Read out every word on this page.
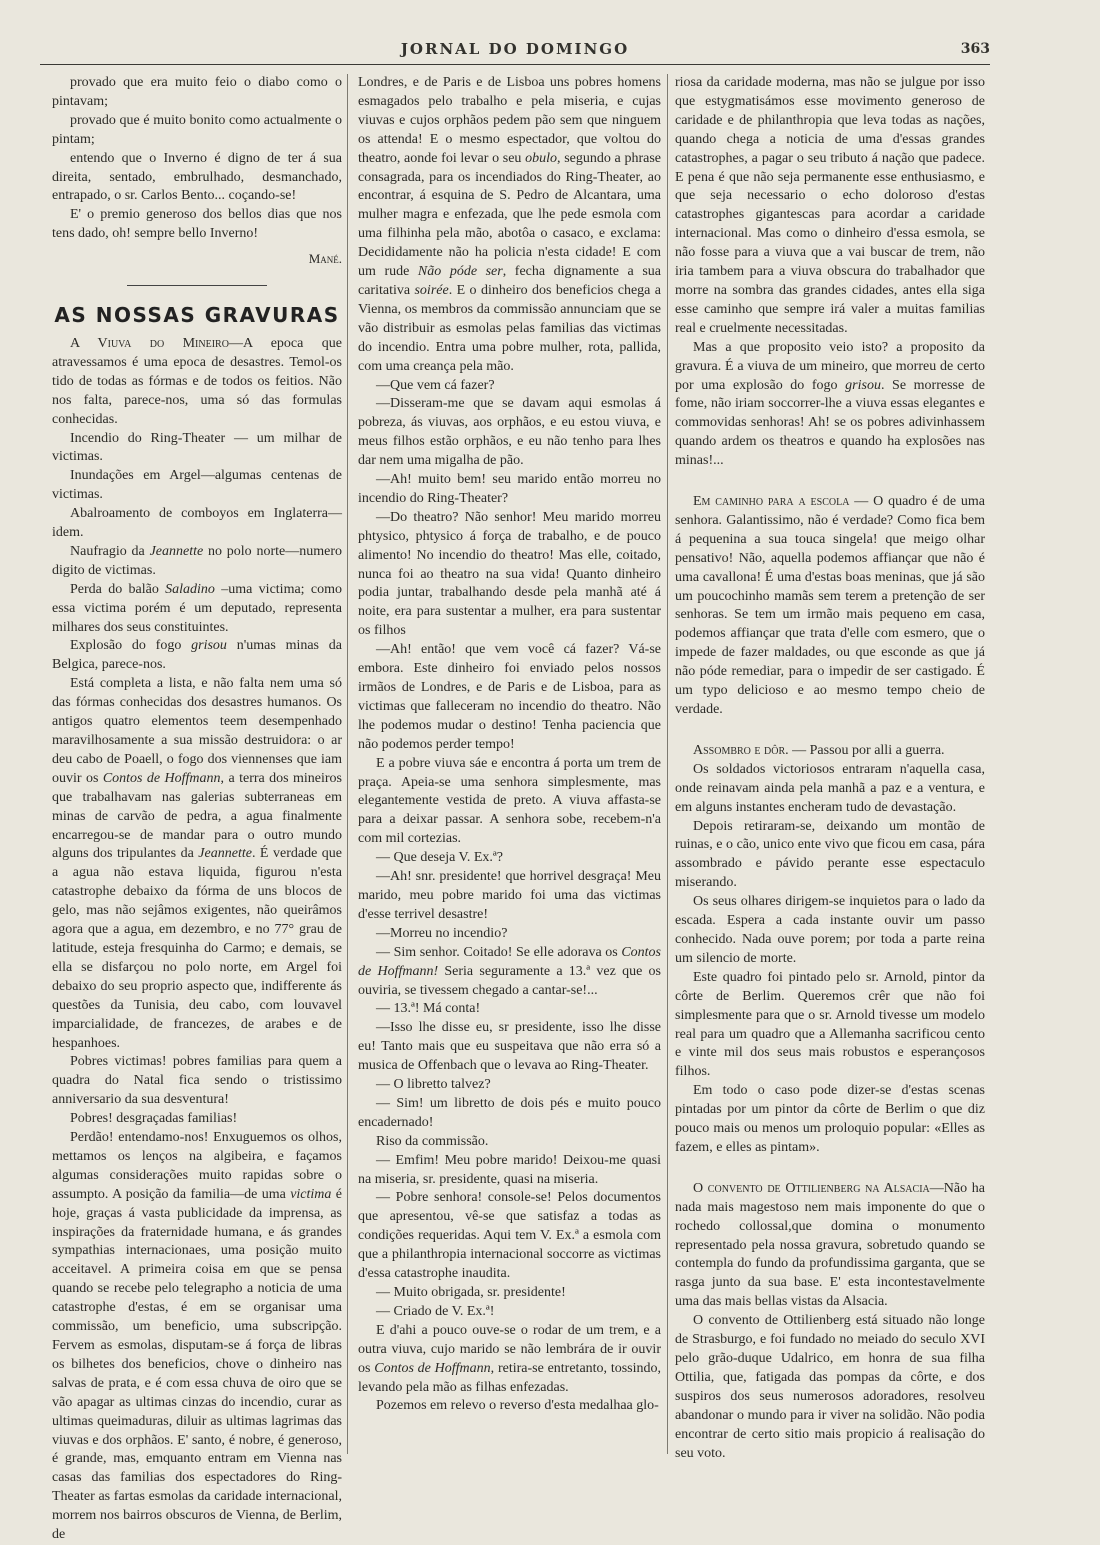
JORNAL DO DOMINGO	363

provado que era muito feio o diabo como o pintavam;

provado que é muito bonito como actualmente o pintam;

entendo que o Inverno é digno de ter á sua direita, sentado, embrulhado, desmanchado, entrapado, o sr. Carlos Bento... coçando-se!

E' o premio generoso dos bellos dias que nos tens dado, oh! sempre bello Inverno!

Mané.

AS NOSSAS GRAVURAS

A Viuva do Mineiro—A epoca que atravessamos é uma epoca de desastres. Temol-os tido de todas as fórmas e de todos os feitios. Não nos falta, parece-nos, uma só das formulas conhecidas.

Incendio do Ring-Theater — um milhar de victimas.

Inundações em Argel—algumas centenas de victimas.

Abalroamento de comboyos em Inglaterra—idem.

Naufragio da Jeannette no polo norte—numero digito de victimas.

Perda do balão Saladino –uma victima; como essa victima porém é um deputado, representa milhares dos seus constituintes.

Explosão do fogo grisou n'umas minas da Belgica, parece-nos.

Está completa a lista, e não falta nem uma só das fórmas conhecidas dos desastres humanos. Os antigos quatro elementos teem desempenhado maravilhosamente a sua missão destruidora: o ar deu cabo de Poaell, o fogo dos viennenses que iam ouvir os Contos de Hoffmann, a terra dos mineiros que trabalhavam nas galerias subterraneas em minas de carvão de pedra, a agua finalmente encarregou-se de mandar para o outro mundo alguns dos tripulantes da Jeannette. É verdade que a agua não estava liquida, figurou n'esta catastrophe debaixo da fórma de uns blocos de gelo, mas não sejâmos exigentes, não queirâmos agora que a agua, em dezembro, e no 77° grau de latitude, esteja fresquinha do Carmo; e demais, se ella se disfarçou no polo norte, em Argel foi debaixo do seu proprio aspecto que, indifferente ás questões da Tunisia, deu cabo, com louvavel imparcialidade, de francezes, de arabes e de hespanhoes.

Pobres victimas! pobres familias para quem a quadra do Natal fica sendo o tristissimo anniversario da sua desventura!

Pobres! desgraçadas familias!

Perdão! entendamo-nos! Enxuguemos os olhos, mettamos os lenços na algibeira, e façamos algumas considerações muito rapidas sobre o assumpto. A posição da familia—de uma victima é hoje, graças á vasta publicidade da imprensa, as inspirações da fraternidade humana, e ás grandes sympathias internacionaes, uma posição muito acceitavel. A primeira coisa em que se pensa quando se recebe pelo telegrapho a noticia de uma catastrophe d'estas, é em se organisar uma commissão, um beneficio, uma subscripção. Fervem as esmolas, disputam-se á força de libras os bilhetes dos beneficios, chove o dinheiro nas salvas de prata, e é com essa chuva de oiro que se vão apagar as ultimas cinzas do incendio, curar as ultimas queimaduras, diluir as ultimas lagrimas das viuvas e dos orphãos. E' santo, é nobre, é generoso, é grande, mas, emquanto entram em Vienna nas casas das familias dos espectadores do Ring-Theater as fartas esmolas da caridade internacional, morrem nos bairros obscuros de Vienna, de Berlim, de

Londres, e de Paris e de Lisboa uns pobres homens esmagados pelo trabalho e pela miseria, e cujas viuvas e cujos orphãos pedem pão sem que ninguem os attenda! E o mesmo espectador, que voltou do theatro, aonde foi levar o seu obulo, segundo a phrase consagrada, para os incendiados do Ring-Theater, ao encontrar, á esquina de S. Pedro de Alcantara, uma mulher magra e enfezada, que lhe pede esmola com uma filhinha pela mão, abotôa o casaco, e exclama: Decididamente não ha policia n'esta cidade! E com um rude Não póde ser, fecha dignamente a sua caritativa soirée. E o dinheiro dos beneficios chega a Vienna, os membros da commissão annunciam que se vão distribuir as esmolas pelas familias das victimas do incendio. Entra uma pobre mulher, rota, pallida, com uma creança pela mão.

—Que vem cá fazer?

—Disseram-me que se davam aqui esmolas á pobreza, ás viuvas, aos orphãos, e eu estou viuva, e meus filhos estão orphãos, e eu não tenho para lhes dar nem uma migalha de pão.

—Ah! muito bem! seu marido então morreu no incendio do Ring-Theater?

—Do theatro? Não senhor! Meu marido morreu phtysico, phtysico á força de trabalho, e de pouco alimento! No incendio do theatro! Mas elle, coitado, nunca foi ao theatro na sua vida! Quanto dinheiro podia juntar, trabalhando desde pela manhã até á noite, era para sustentar a mulher, era para sustentar os filhos

—Ah! então! que vem você cá fazer? Vá-se embora. Este dinheiro foi enviado pelos nossos irmãos de Londres, e de Paris e de Lisboa, para as victimas que falleceram no incendio do theatro. Não lhe podemos mudar o destino! Tenha paciencia que não podemos perder tempo!

E a pobre viuva sáe e encontra á porta um trem de praça. Apeia-se uma senhora simplesmente, mas elegantemente vestida de preto. A viuva affasta-se para a deixar passar. A senhora sobe, recebem-n'a com mil cortezias.

— Que deseja V. Ex.ª?

—Ah! snr. presidente! que horrivel desgraça! Meu marido, meu pobre marido foi uma das victimas d'esse terrivel desastre!

—Morreu no incendio?

— Sim senhor. Coitado! Se elle adorava os Contos de Hoffmann! Seria seguramente a 13.ª vez que os ouviria, se tivessem chegado a cantar-se!...

— 13.ª! Má conta!

—Isso lhe disse eu, sr presidente, isso lhe disse eu! Tanto mais que eu suspeitava que não erra só a musica de Offenbach que o levava ao Ring-Theater.

— O libretto talvez?

— Sim! um libretto de dois pés e muito pouco encadernado!

Riso da commissão.

— Emfim! Meu pobre marido! Deixou-me quasi na miseria, sr. presidente, quasi na miseria.

— Pobre senhora! console-se! Pelos documentos que apresentou, vê-se que satisfaz a todas as condições requeridas. Aqui tem V. Ex.ª a esmola com que a philanthropia internacional soccorre as victimas d'essa catastrophe inaudita.

— Muito obrigada, sr. presidente!

— Criado de V. Ex.ª!

E d'ahi a pouco ouve-se o rodar de um trem, e a outra viuva, cujo marido se não lembrára de ir ouvir os Contos de Hoffmann, retira-se entretanto, tossindo, levando pela mão as filhas enfezadas.

Pozemos em relevo o reverso d'esta medalhaa glo-

riosa da caridade moderna, mas não se julgue por isso que estygmatisámos esse movimento generoso de caridade e de philanthropia que leva todas as nações, quando chega a noticia de uma d'essas grandes catastrophes, a pagar o seu tributo á nação que padece. E pena é que não seja permanente esse enthusiasmo, e que seja necessario o echo doloroso d'estas catastrophes gigantescas para acordar a caridade internacional. Mas como o dinheiro d'essa esmola, se não fosse para a viuva que a vai buscar de trem, não iria tambem para a viuva obscura do trabalhador que morre na sombra das grandes cidades, antes ella siga esse caminho que sempre irá valer a muitas familias real e cruelmente necessitadas.

Mas a que proposito veio isto? a proposito da gravura. É a viuva de um mineiro, que morreu de certo por uma explosão do fogo grisou. Se morresse de fome, não iriam soccorrer-lhe a viuva essas elegantes e commovidas senhoras! Ah! se os pobres adivinhassem quando ardem os theatros e quando ha explosões nas minas!...

Em caminho para a escola — O quadro é de uma senhora. Galantissimo, não é verdade? Como fica bem á pequenina a sua touca singela! que meigo olhar pensativo! Não, aquella podemos affiançar que não é uma cavallona! É uma d'estas boas meninas, que já são um poucochinho mamãs sem terem a pretenção de ser senhoras. Se tem um irmão mais pequeno em casa, podemos affiançar que trata d'elle com esmero, que o impede de fazer maldades, ou que esconde as que já não póde remediar, para o impedir de ser castigado. É um typo delicioso e ao mesmo tempo cheio de verdade.

Assombro e dôr. — Passou por alli a guerra.

Os soldados victoriosos entraram n'aquella casa, onde reinavam ainda pela manhã a paz e a ventura, e em alguns instantes encheram tudo de devastação.

Depois retiraram-se, deixando um montão de ruinas, e o cão, unico ente vivo que ficou em casa, pára assombrado e pávido perante esse espectaculo miserando.

Os seus olhares dirigem-se inquietos para o lado da escada. Espera a cada instante ouvir um passo conhecido. Nada ouve porem; por toda a parte reina um silencio de morte.

Este quadro foi pintado pelo sr. Arnold, pintor da côrte de Berlim. Queremos crêr que não foi simplesmente para que o sr. Arnold tivesse um modelo real para um quadro que a Allemanha sacrificou cento e vinte mil dos seus mais robustos e esperançosos filhos.

Em todo o caso pode dizer-se d'estas scenas pintadas por um pintor da côrte de Berlim o que diz pouco mais ou menos um proloquio popular: «Elles as fazem, e elles as pintam».

O convento de Ottilienberg na Alsacia—Não ha nada mais magestoso nem mais imponente do que o rochedo collossal,que domina o monumento representado pela nossa gravura, sobretudo quando se contempla do fundo da profundissima garganta, que se rasga junto da sua base. E' esta incontestavelmente uma das mais bellas vistas da Alsacia.

O convento de Ottilienberg está situado não longe de Strasburgo, e foi fundado no meiado do seculo XVI pelo grão-duque Udalrico, em honra de sua filha Ottilia, que, fatigada das pompas da côrte, e dos suspiros dos seus numerosos adoradores, resolveu abandonar o mundo para ir viver na solidão. Não podia encontrar de certo sitio mais propicio á realisação do seu voto.
